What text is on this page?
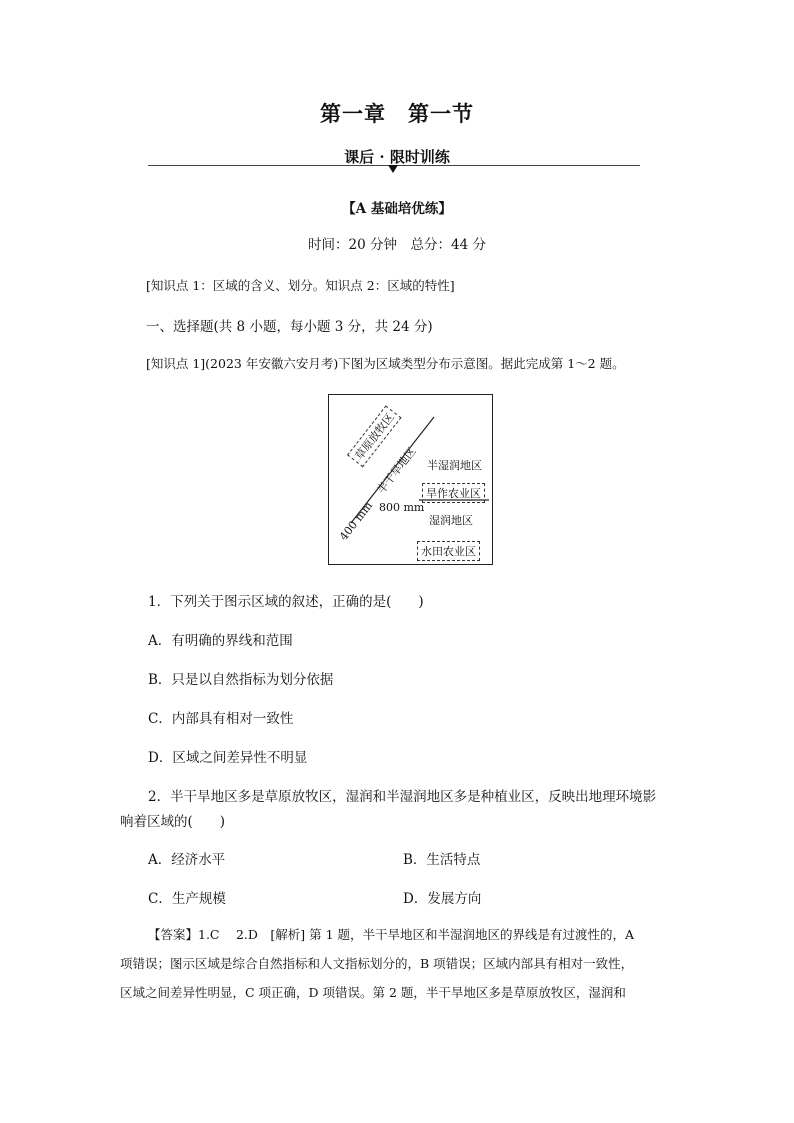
第一章　第一节
课后 · 限时训练
【A 基础培优练】
时间：20 分钟　总分：44 分
[知识点 1：区域的含义、划分。知识点 2：区域的特性]
一、选择题(共 8 小题，每小题 3 分，共 24 分)
[知识点 1](2023 年安徽六安月考)下图为区域类型分布示意图。据此完成第 1～2 题。
草原放牧区
半干旱地区
400 mm
半湿润地区
旱作农业区
800 mm
湿润地区
水田农业区
1．下列关于图示区域的叙述，正确的是(　　)
A．有明确的界线和范围
B．只是以自然指标为划分依据
C．内部具有相对一致性
D．区域之间差异性不明显
2．半干旱地区多是草原放牧区，湿润和半湿润地区多是种植业区，反映出地理环境影
响着区域的(　　)
A．经济水平	B．生活特点
C．生产规模	D．发展方向
【答案】1.C　 2.D　[解析] 第 1 题，半干旱地区和半湿润地区的界线是有过渡性的，A
项错误；图示区域是综合自然指标和人文指标划分的，B 项错误；区域内部具有相对一致性，
区域之间差异性明显，C 项正确，D 项错误。第 2 题，半干旱地区多是草原放牧区，湿润和
